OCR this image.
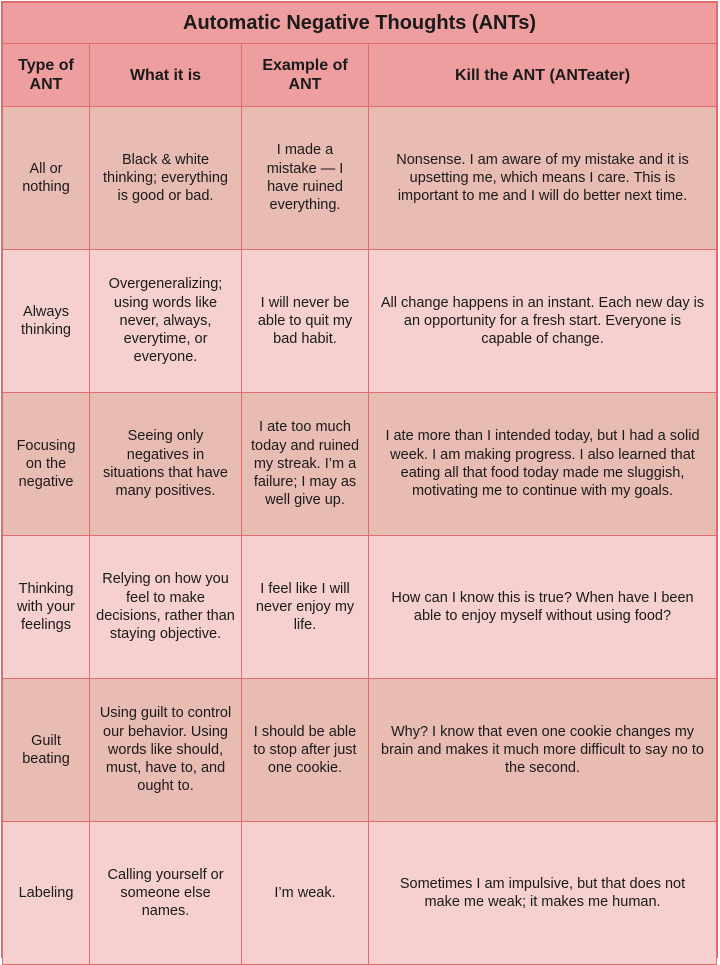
Automatic Negative Thoughts (ANTs)			
Type of ANT	What it is	Example of ANT	Kill the ANT (ANTeater)
All or nothing	Black & white thinking; everything is good or bad.	I made a mistake — I have ruined everything.	Nonsense. I am aware of my mistake and it is upsetting me, which means I care. This is important to me and I will do better next time.
Always thinking	Overgeneralizing; using words like never, always, everytime, or everyone.	I will never be able to quit my bad habit.	All change happens in an instant. Each new day is an opportunity for a fresh start. Everyone is capable of change.
Focusing on the negative	Seeing only negatives in situations that have many positives.	I ate too much today and ruined my streak. I’m a failure; I may as well give up.	I ate more than I intended today, but I had a solid week. I am making progress. I also learned that eating all that food today made me sluggish, motivating me to continue with my goals.
Thinking with your feelings	Relying on how you feel to make decisions, rather than staying objective.	I feel like I will never enjoy my life.	How can I know this is true? When have I been able to enjoy myself without using food?
Guilt beating	Using guilt to control our behavior. Using words like should, must, have to, and ought to.	I should be able to stop after just one cookie.	Why? I know that even one cookie changes my brain and makes it much more difficult to say no to the second.
Labeling	Calling yourself or someone else names.	I’m weak.	Sometimes I am impulsive, but that does not make me weak; it makes me human.
